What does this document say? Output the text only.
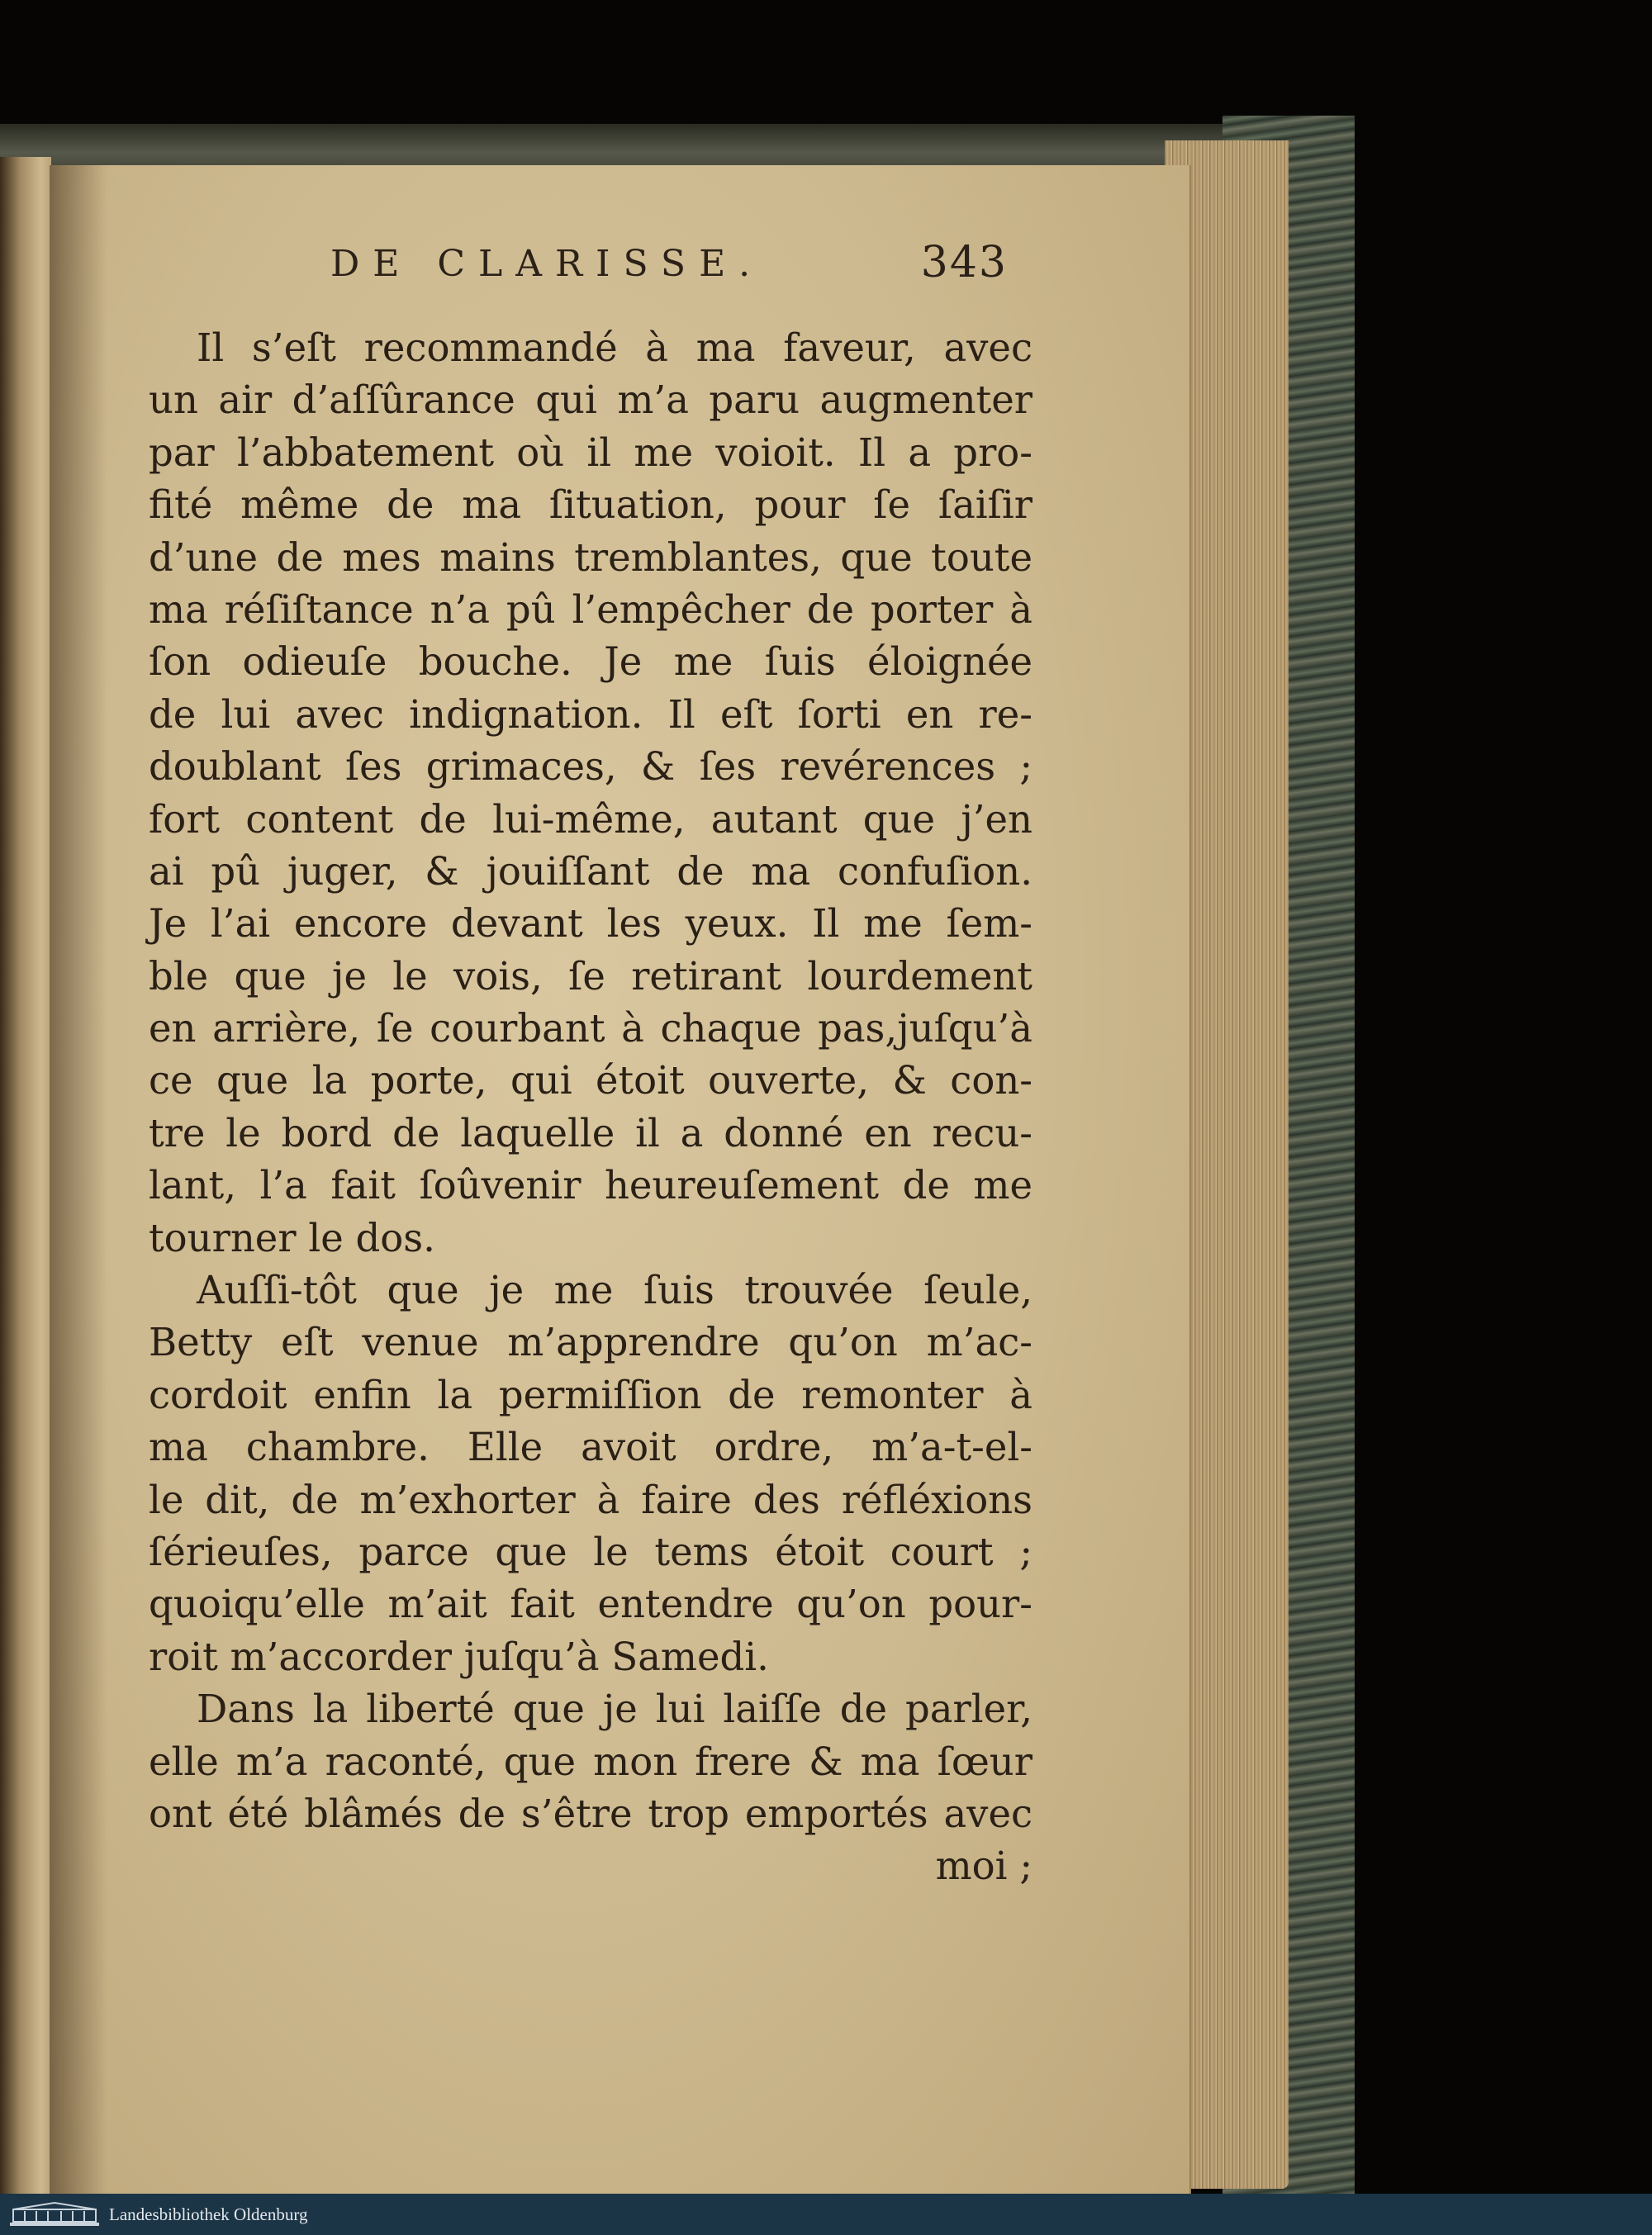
DE CLARISSE.	343
Il s’eſt recommandé à ma faveur, avec
un air d’aſſûrance qui m’a paru augmenter
par l’abbatement où il me voioit. Il a pro-
fité même de ma ſituation, pour ſe ſaiſir
d’une de mes mains tremblantes, que toute
ma réſiſtance n’a pû l’empêcher de porter à
ſon odieuſe bouche. Je me ſuis éloignée
de lui avec indignation. Il eſt ſorti en re-
doublant ſes grimaces, & ſes revérences ;
fort content de lui-même, autant que j’en
ai pû juger, & jouiſſant de ma confuſion.
Je l’ai encore devant les yeux. Il me ſem-
ble que je le vois, ſe retirant lourdement
en arrière, ſe courbant à chaque pas,juſqu’à
ce que la porte, qui étoit ouverte, & con-
tre le bord de laquelle il a donné en recu-
lant, l’a fait ſoûvenir heureuſement de me
tourner le dos.
Auſſi-tôt que je me ſuis trouvée ſeule,
Betty eſt venue m’apprendre qu’on m’ac-
cordoit enfin la permiſſion de remonter à
ma chambre. Elle avoit ordre, m’a-t-el-
le dit, de m’exhorter à faire des réfléxions
ſérieuſes, parce que le tems étoit court ;
quoiqu’elle m’ait fait entendre qu’on pour-
roit m’accorder juſqu’à Samedi.
Dans la liberté que je lui laiſſe de parler,
elle m’a raconté, que mon frere & ma ſœur
ont été blâmés de s’être trop emportés avec
moi ;
Landesbibliothek Oldenburg
